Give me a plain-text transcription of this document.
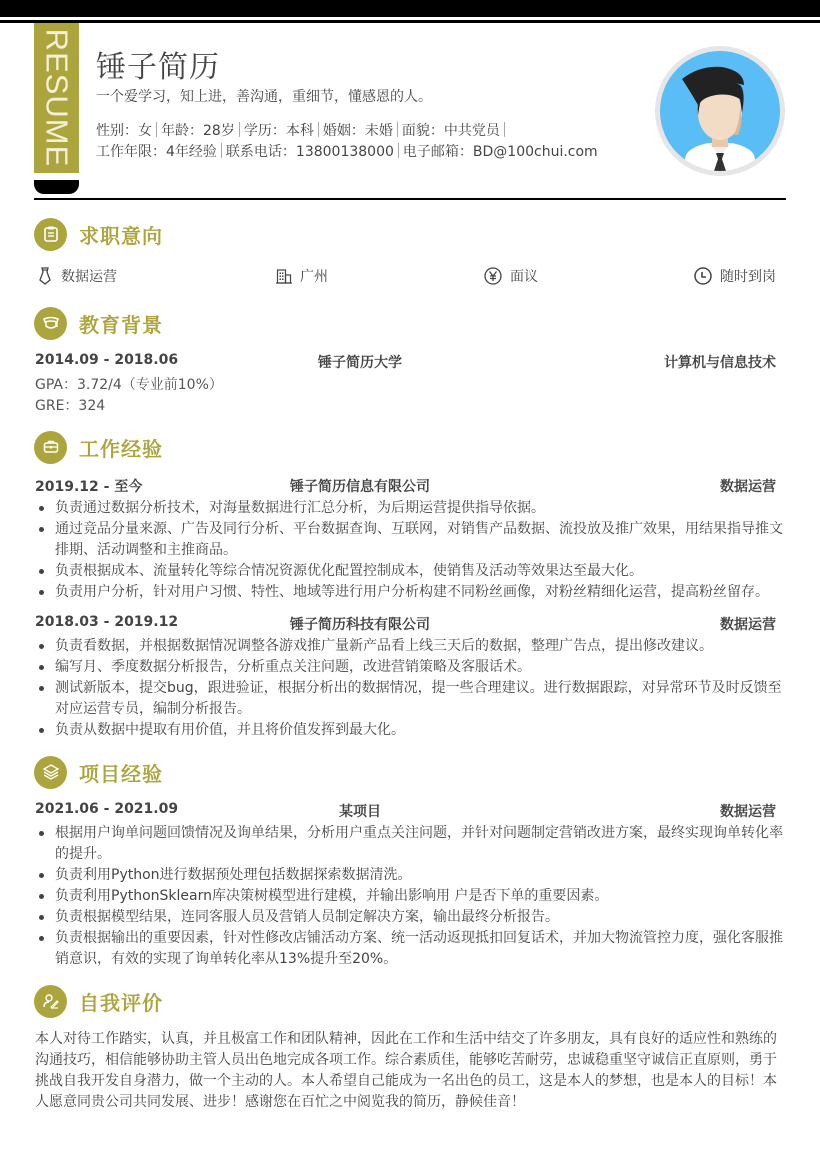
RESUME 锤子简历
一个爱学习，知上进，善沟通，重细节，懂感恩的人。
性别：女 年龄：28岁 学历：本科 婚姻：未婚 面貌：中共党员
工作年限：4年经验 联系电话：13800138000 电子邮箱：BD@100chui.com
求职意向
数据运营	广州	面议	随时到岗
教育背景
2014.09 - 2018.06	锤子简历大学	计算机与信息技术
GPA：3.72/4（专业前10%）
GRE：324
工作经验
2019.12 - 至今	锤子简历信息有限公司	数据运营
负责通过数据分析技术，对海量数据进行汇总分析，为后期运营提供指导依据。
通过竞品分量来源、广告及同行分析、平台数据查询、互联网，对销售产品数据、流投放及推广效果，用结果指导推文排期、活动调整和主推商品。
负责根据成本、流量转化等综合情况资源优化配置控制成本，使销售及活动等效果达至最大化。
负责用户分析，针对用户习惯、特性、地域等进行用户分析构建不同粉丝画像，对粉丝精细化运营，提高粉丝留存。
2018.03 - 2019.12	锤子简历科技有限公司	数据运营
负责看数据，并根据数据情况调整各游戏推广量新产品看上线三天后的数据，整理广告点，提出修改建议。
编写月、季度数据分析报告，分析重点关注问题，改进营销策略及客服话术。
测试新版本，提交bug，跟进验证，根据分析出的数据情况，提一些合理建议。进行数据跟踪，对异常环节及时反馈至对应运营专员，编制分析报告。
负责从数据中提取有用价值，并且将价值发挥到最大化。
项目经验
2021.06 - 2021.09	某项目	数据运营
根据用户询单问题回馈情况及询单结果，分析用户重点关注问题，并针对问题制定营销改进方案，最终实现询单转化率的提升。
负责利用Python进行数据预处理包括数据探索数据清洗。
负责利用PythonSklearn库决策树模型进行建模，并输出影响用 户是否下单的重要因素。
负责根据模型结果，连同客服人员及营销人员制定解决方案，输出最终分析报告。
负责根据输出的重要因素，针对性修改店铺活动方案、统一活动返现抵扣回复话术，并加大物流管控力度，强化客服推销意识，有效的实现了询单转化率从13%提升至20%。
自我评价
本人对待工作踏实，认真，并且极富工作和团队精神，因此在工作和生活中结交了许多朋友，具有良好的适应性和熟练的沟通技巧，相信能够协助主管人员出色地完成各项工作。综合素质佳，能够吃苦耐劳，忠诚稳重坚守诚信正直原则，勇于挑战自我开发自身潜力，做一个主动的人。本人希望自己能成为一名出色的员工，这是本人的梦想，也是本人的目标！本人愿意同贵公司共同发展、进步！感谢您在百忙之中阅览我的简历，静候佳音！
